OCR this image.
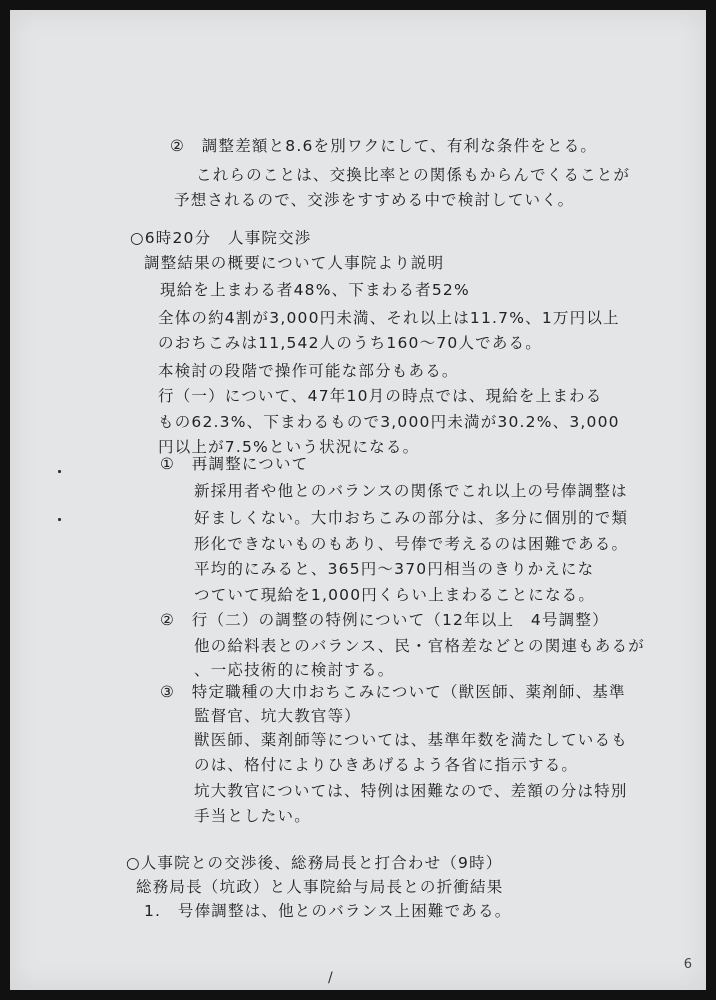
②　調整差額と8.6を別ワクにして、有利な条件をとる。
これらのことは、交換比率との関係もからんでくることが
予想されるので、交渉をすすめる中で検討していく。
○6時20分　人事院交渉
調整結果の概要について人事院より説明
現給を上まわる者48%、下まわる者52%
全体の約4割が3,000円未満、それ以上は11.7%、1万円以上
のおちこみは11,542人のうち160～70人である。
本検討の段階で操作可能な部分もある。
行（一）について、47年10月の時点では、現給を上まわる
もの62.3%、下まわるもので3,000円未満が30.2%、3,000
円以上が7.5%という状況になる。
①　再調整について
新採用者や他とのバランスの関係でこれ以上の号俸調整は
好ましくない。大巾おちこみの部分は、多分に個別的で類
形化できないものもあり、号俸で考えるのは困難である。
平均的にみると、365円～370円相当のきりかえにな
つていて現給を1,000円くらい上まわることになる。
②　行（二）の調整の特例について（12年以上　4号調整）
他の給料表とのバランス、民・官格差などとの関連もあるが
、一応技術的に検討する。
③　特定職種の大巾おちこみについて（獣医師、薬剤師、基準
監督官、坑大教官等）
獣医師、薬剤師等については、基準年数を満たしているも
のは、格付によりひきあげるよう各省に指示する。
坑大教官については、特例は困難なので、差額の分は特別
手当としたい。
○人事院との交渉後、総務局長と打合わせ（9時）
総務局長（坑政）と人事院給与局長との折衝結果
1.　号俸調整は、他とのバランス上困難である。
/
6
